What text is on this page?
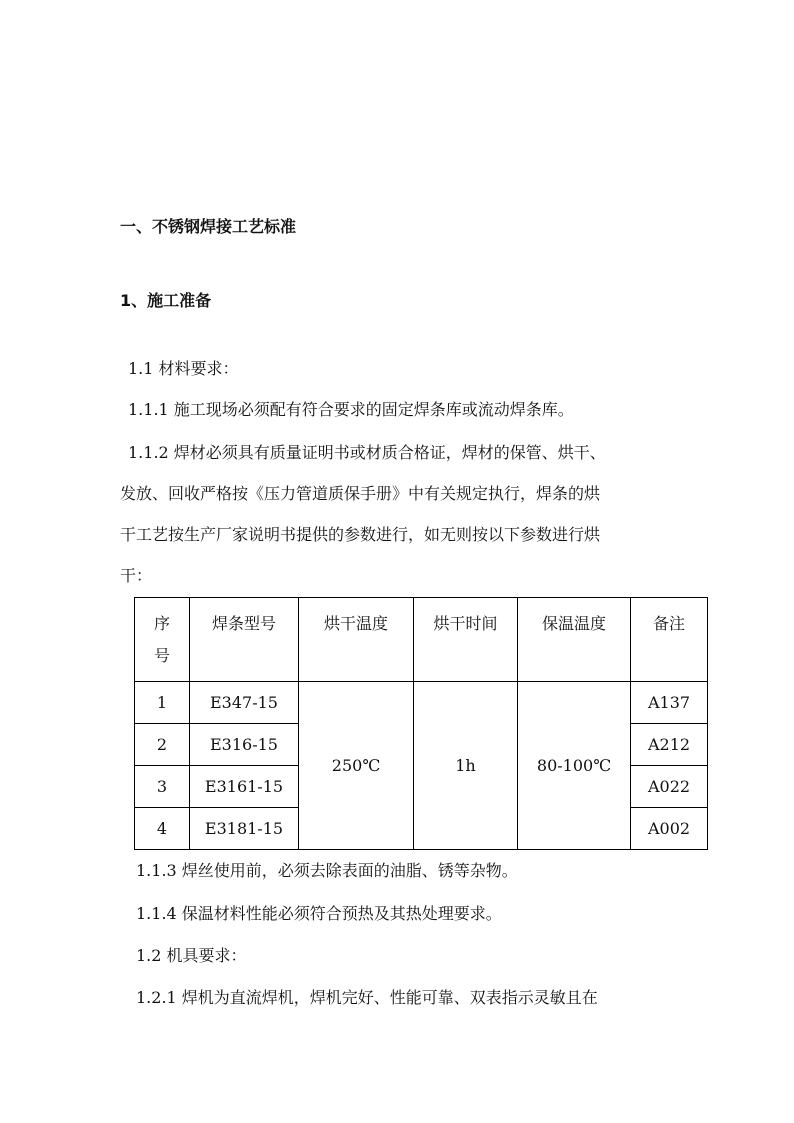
一、不锈钢焊接工艺标准
1、施工准备
1.1 材料要求：
1.1.1 施工现场必须配有符合要求的固定焊条库或流动焊条库。
1.1.2 焊材必须具有质量证明书或材质合格证，焊材的保管、烘干、
发放、回收严格按《压力管道质保手册》中有关规定执行，焊条的烘
干工艺按生产厂家说明书提供的参数进行，如无则按以下参数进行烘
干：
序
号	焊条型号	烘干温度	烘干时间	保温温度	备注

1	E347-15	250℃	1h	80-100℃	A137
2	E316-15				A212
3	E3161-15				A022
4	E3181-15				A002
1.1.3 焊丝使用前，必须去除表面的油脂、锈等杂物。
1.1.4 保温材料性能必须符合预热及其热处理要求。
1.2 机具要求：
1.2.1 焊机为直流焊机，焊机完好、性能可靠、双表指示灵敏且在
